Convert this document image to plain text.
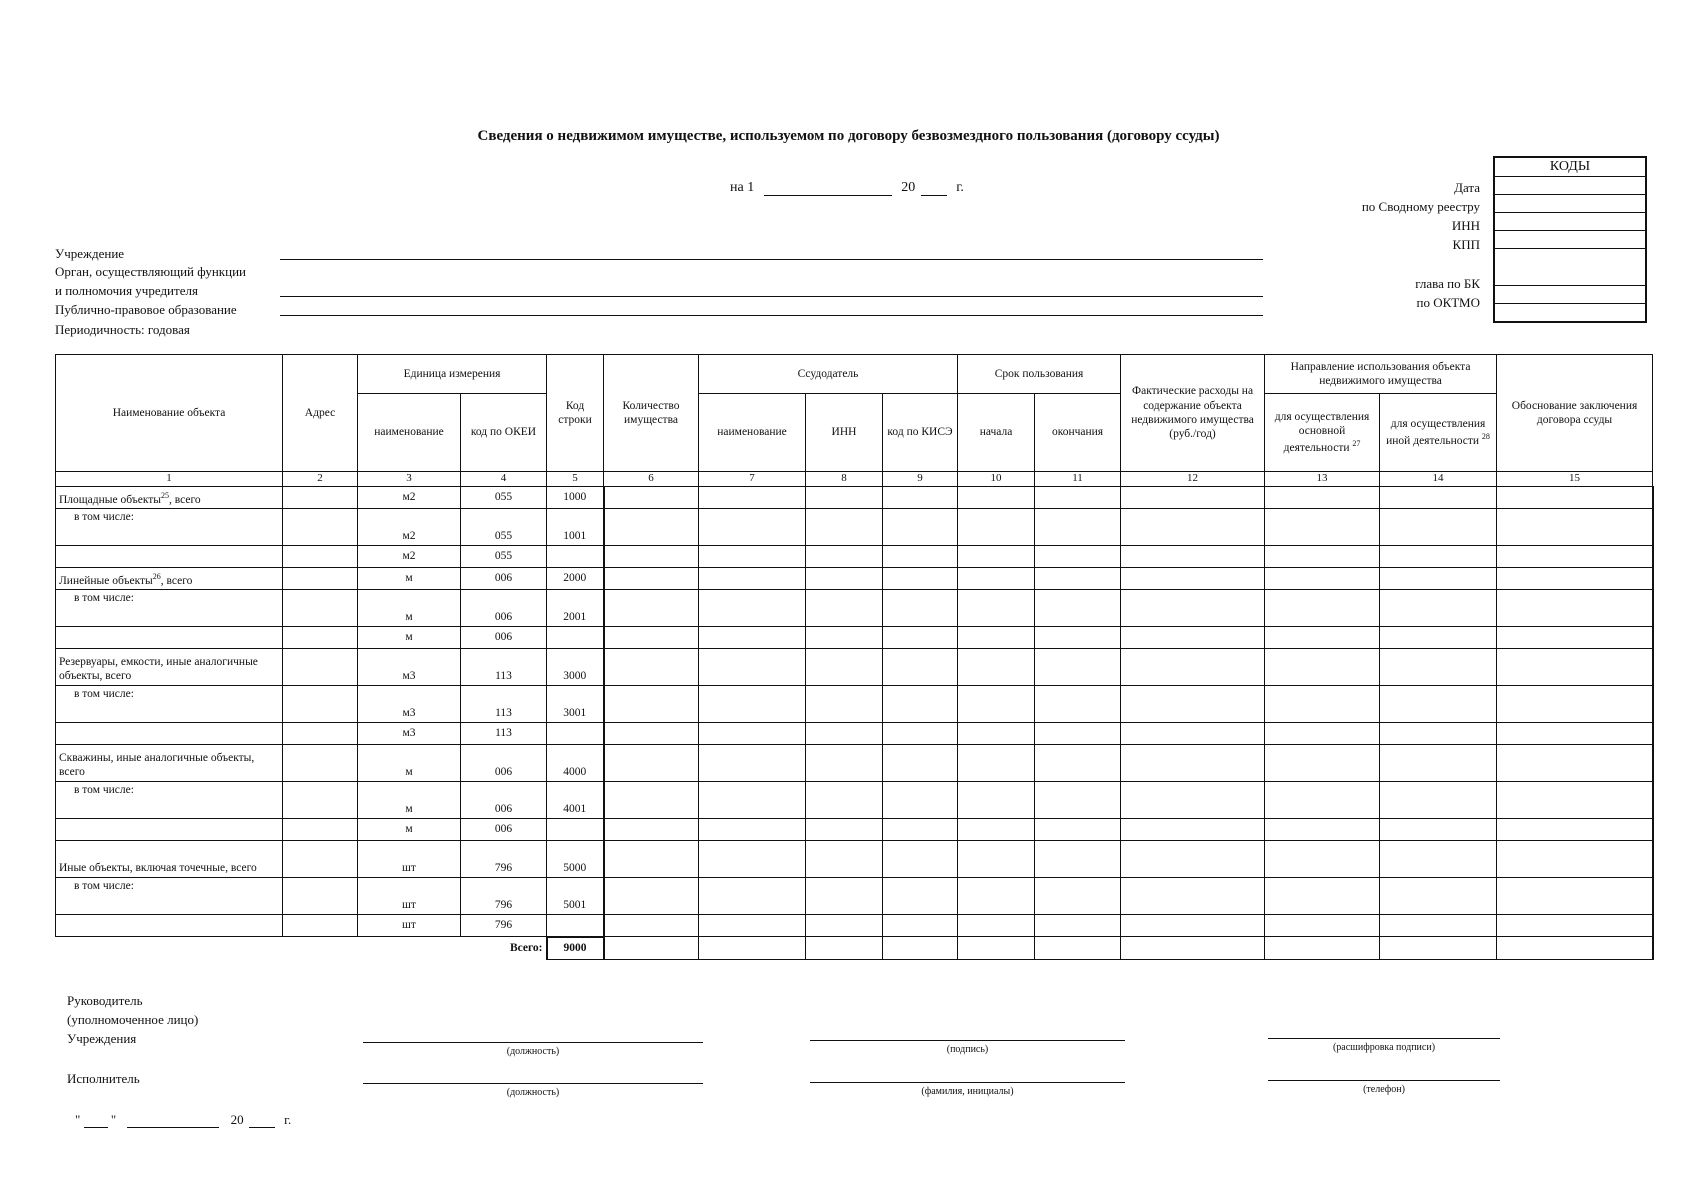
Сведения о недвижимом имуществе, используемом по договору безвозмездного пользования (договору ссуды)
на 1	20	г.
Учреждение
Орган, осуществляющий функции
и полномочия учредителя
Публично-правовое образование
Периодичность: годовая
Дата
по Сводному реестру
ИНН
КПП
глава по БК
по ОКТМО
КОДЫ

Наименование объекта	Адрес	Единица измерения		Код строки	Количество имущества	Ссудодатель			Срок пользования		Фактические расходы на содержание объекта недвижимого имущества (руб./год)	Направление использования объекта недвижимого имущества		Обоснование заключения договора ссуды
		наименование	код по ОКЕИ			наименование	ИНН	код по КИСЭ	начала	окончания		для осуществления основной деятельности $^{27}$	для осуществления иной деятельности $^{28}$
1	2	3	4	5	6	7	8	9	10	11	12	13	14	15
Площадные объекты$^{25}$, всего		м2	055	1000										
в том числе:		м2	055	1001										
		м2	055											
Линейные объекты$^{26}$, всего		м	006	2000										
в том числе:		м	006	2001										
		м	006											
Резервуары, емкости, иные аналогичные объекты, всего		м3	113	3000										
в том числе:		м3	113	3001										
		м3	113											
Скважины, иные аналогичные объекты, всего		м	006	4000										
в том числе:		м	006	4001										
		м	006											
Иные объекты, включая точечные, всего		шт	796	5000										
в том числе:		шт	796	5001										
		шт	796											
Всего:				9000										
Руководитель
(уполномоченное лицо)
Учреждения
(должность)	(подпись)	(расшифровка подписи)
Исполнитель
(должность)	(фамилия, инициалы)	(телефон)
" "	20	г.
